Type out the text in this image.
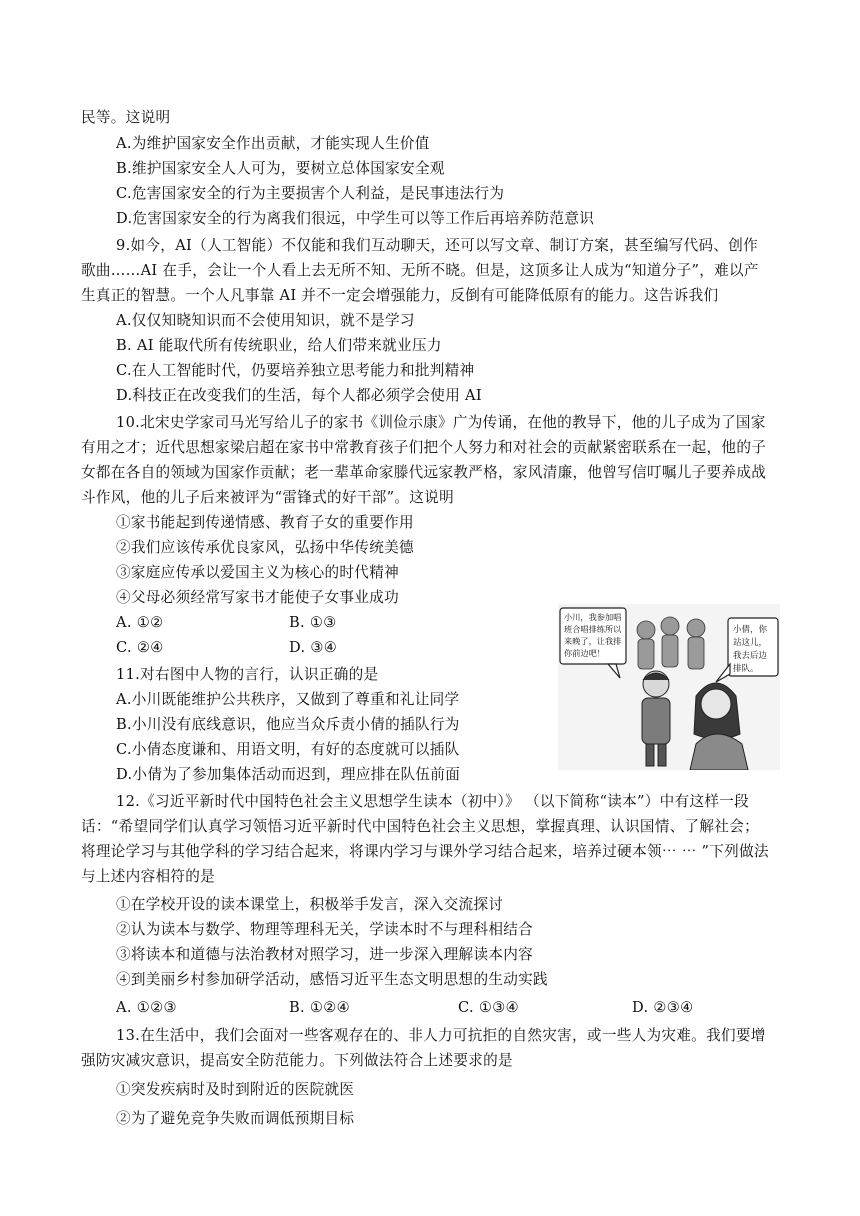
民等。这说明
A.为维护国家安全作出贡献，才能实现人生价值
B.维护国家安全人人可为，要树立总体国家安全观
C.危害国家安全的行为主要损害个人利益，是民事违法行为
D.危害国家安全的行为离我们很远，中学生可以等工作后再培养防范意识
9.如今，AI（人工智能）不仅能和我们互动聊天，还可以写文章、制订方案，甚至编写代码、创作
歌曲……AI 在手，会让一个人看上去无所不知、无所不晓。但是，这顶多让人成为“知道分子”，难以产
生真正的智慧。一个人凡事靠 AI 并不一定会增强能力，反倒有可能降低原有的能力。这告诉我们
A.仅仅知晓知识而不会使用知识，就不是学习
B. AI 能取代所有传统职业，给人们带来就业压力
C.在人工智能时代，仍要培养独立思考能力和批判精神
D.科技正在改变我们的生活，每个人都必须学会使用 AI
10.北宋史学家司马光写给儿子的家书《训俭示康》广为传诵，在他的教导下，他的儿子成为了国家
有用之才；近代思想家梁启超在家书中常教育孩子们把个人努力和对社会的贡献紧密联系在一起，他的子
女都在各自的领域为国家作贡献；老一辈革命家滕代远家教严格，家风清廉，他曾写信叮嘱儿子要养成战
斗作风，他的儿子后来被评为“雷锋式的好干部”。这说明
①家书能起到传递情感、教育子女的重要作用
②我们应该传承优良家风，弘扬中华传统美德
③家庭应传承以爱国主义为核心的时代精神
④父母必须经常写家书才能使子女事业成功
A. ①②	B. ①③
C. ②④	D. ③④
11.对右图中人物的言行，认识正确的是
A.小川既能维护公共秩序，又做到了尊重和礼让同学
B.小川没有底线意识，他应当众斥责小倩的插队行为
C.小倩态度谦和、用语文明，有好的态度就可以插队
D.小倩为了参加集体活动而迟到，理应排在队伍前面
小川，我参加唱
班合唱排练所以
来晚了，让我排
你前边吧！
小倩，你
站这儿，
我去后边
排队。
12.《习近平新时代中国特色社会主义思想学生读本（初中）》 （以下简称“读本”）中有这样一段
话：“希望同学们认真学习领悟习近平新时代中国特色社会主义思想，掌握真理、认识国情、了解社会；
将理论学习与其他学科的学习结合起来，将课内学习与课外学习结合起来，培养过硬本领⋯ ⋯ ”下列做法
与上述内容相符的是
①在学校开设的读本课堂上，积极举手发言，深入交流探讨
②认为读本与数学、物理等理科无关，学读本时不与理科相结合
③将读本和道德与法治教材对照学习，进一步深入理解读本内容
④到美丽乡村参加研学活动，感悟习近平生态文明思想的生动实践
A. ①②③	B. ①②④	C. ①③④	D. ②③④
13.在生活中，我们会面对一些客观存在的、非人力可抗拒的自然灾害，或一些人为灾难。我们要增
强防灾减灾意识，提高安全防范能力。下列做法符合上述要求的是
①突发疾病时及时到附近的医院就医
②为了避免竞争失败而调低预期目标
